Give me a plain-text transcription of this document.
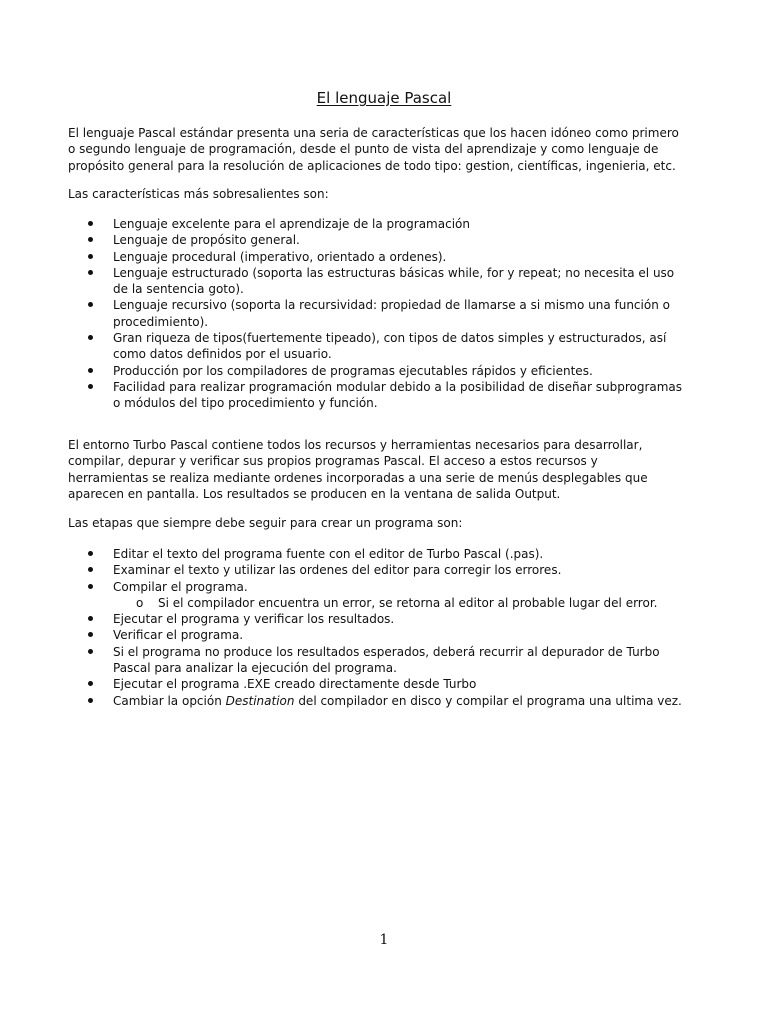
El lenguaje Pascal

El lenguaje Pascal estándar presenta una seria de características que los hacen idóneo como primero
o segundo lenguaje de programación, desde el punto de vista del aprendizaje y como lenguaje de
propósito general para la resolución de aplicaciones de todo tipo: gestion, científicas, ingenieria, etc.

Las características más sobresalientes son:

Lenguaje excelente para el aprendizaje de la programación
Lenguaje de propósito general.
Lenguaje procedural (imperativo, orientado a ordenes).
Lenguaje estructurado (soporta las estructuras básicas while, for y repeat; no necesita el uso
de la sentencia goto).
Lenguaje recursivo (soporta la recursividad: propiedad de llamarse a si mismo una función o
procedimiento).
Gran riqueza de tipos(fuertemente tipeado), con tipos de datos simples y estructurados, así
como datos definidos por el usuario.
Producción por los compiladores de programas ejecutables rápidos y eficientes.
Facilidad para realizar programación modular debido a la posibilidad de diseñar subprogramas
o módulos del tipo procedimiento y función.

El entorno Turbo Pascal contiene todos los recursos y herramientas necesarios para desarrollar,
compilar, depurar y verificar sus propios programas Pascal. El acceso a estos recursos y
herramientas se realiza mediante ordenes incorporadas a una serie de menús desplegables que
aparecen en pantalla. Los resultados se producen en la ventana de salida Output.

Las etapas que siempre debe seguir para crear un programa son:

Editar el texto del programa fuente con el editor de Turbo Pascal (.pas).
Examinar el texto y utilizar las ordenes del editor para corregir los errores.
Compilar el programa.
o Si el compilador encuentra un error, se retorna al editor al probable lugar del error.
Ejecutar el programa y verificar los resultados.
Verificar el programa.
Si el programa no produce los resultados esperados, deberá recurrir al depurador de Turbo
Pascal para analizar la ejecución del programa.
Ejecutar el programa .EXE creado directamente desde Turbo
Cambiar la opción Destination del compilador en disco y compilar el programa una ultima vez.
1
